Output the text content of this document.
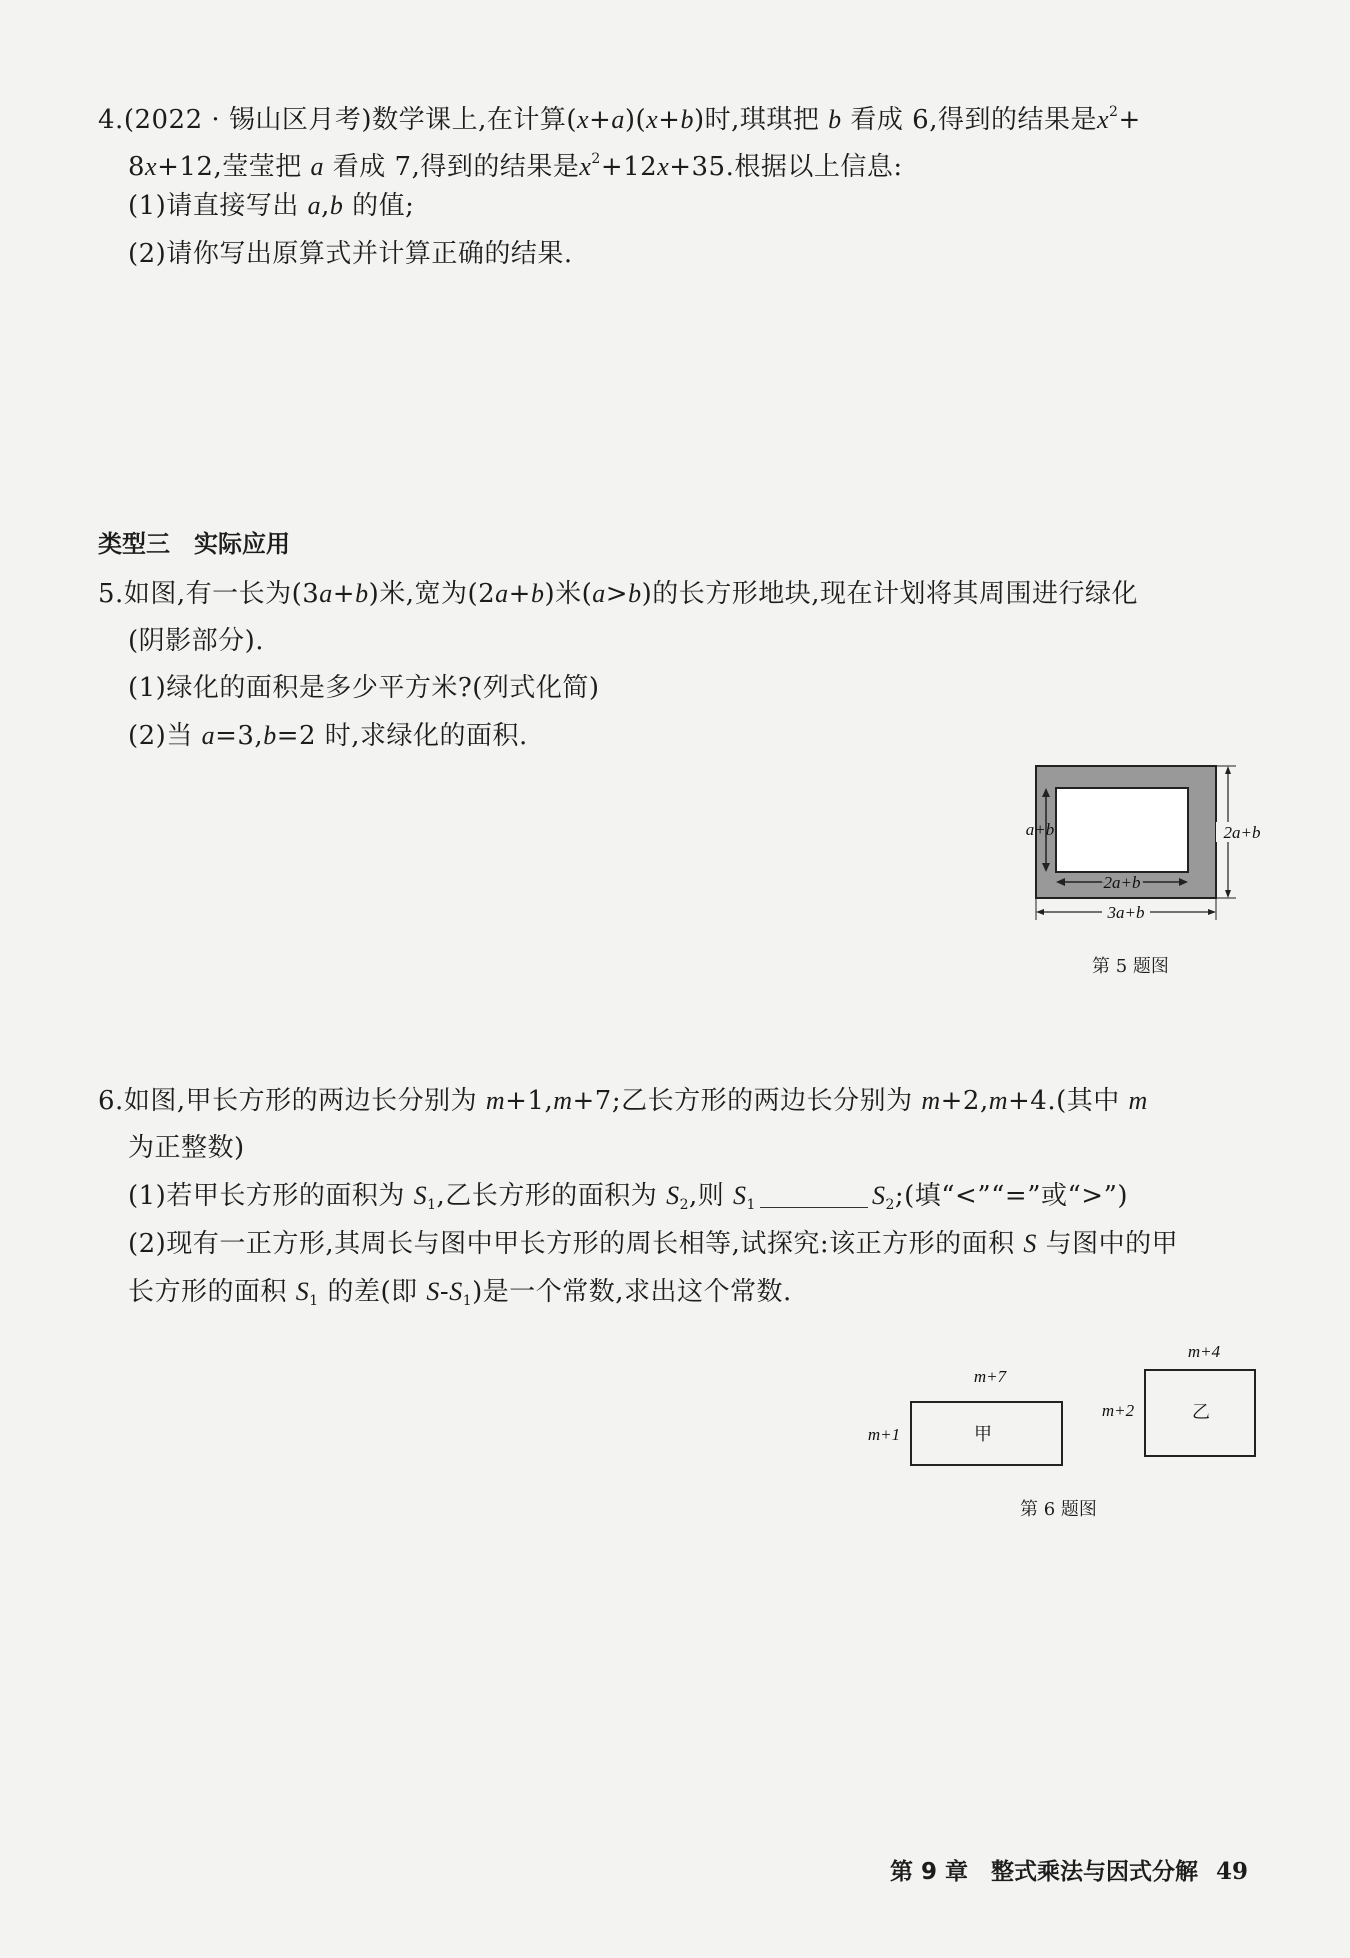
4.(2022 · 锡山区月考)数学课上,在计算(x+a)(x+b)时,琪琪把 b 看成 6,得到的结果是$x^2+$
8x+12,莹莹把 a 看成 7,得到的结果是$x^2+12x+35$.根据以上信息:
(1)请直接写出 a,b 的值;
(2)请你写出原算式并计算正确的结果.
类型三　实际应用
5.如图,有一长为(3a+b)米,宽为(2a+b)米(a>b)的长方形地块,现在计划将其周围进行绿化
(阴影部分).
(1)绿化的面积是多少平方米?(列式化简)
(2)当 a=3,b=2 时,求绿化的面积.
a+b
2a+b
2a+b
3a+b
第 5 题图
6.如图,甲长方形的两边长分别为 m+1,m+7;乙长方形的两边长分别为 m+2,m+4.(其中 m
为正整数)
(1)若甲长方形的面积为 $S_1$,乙长方形的面积为 $S_2$,则 $S_1$	$S_2$;(填“<”“=”或“>”)
(2)现有一正方形,其周长与图中甲长方形的周长相等,试探究:该正方形的面积 S 与图中的甲
长方形的面积 $S_1$ 的差(即 $S-S_1$)是一个常数,求出这个常数.
m+7
m+1	甲
m+4
m+2	乙
第 6 题图
第 9 章　整式乘法与因式分解 49
